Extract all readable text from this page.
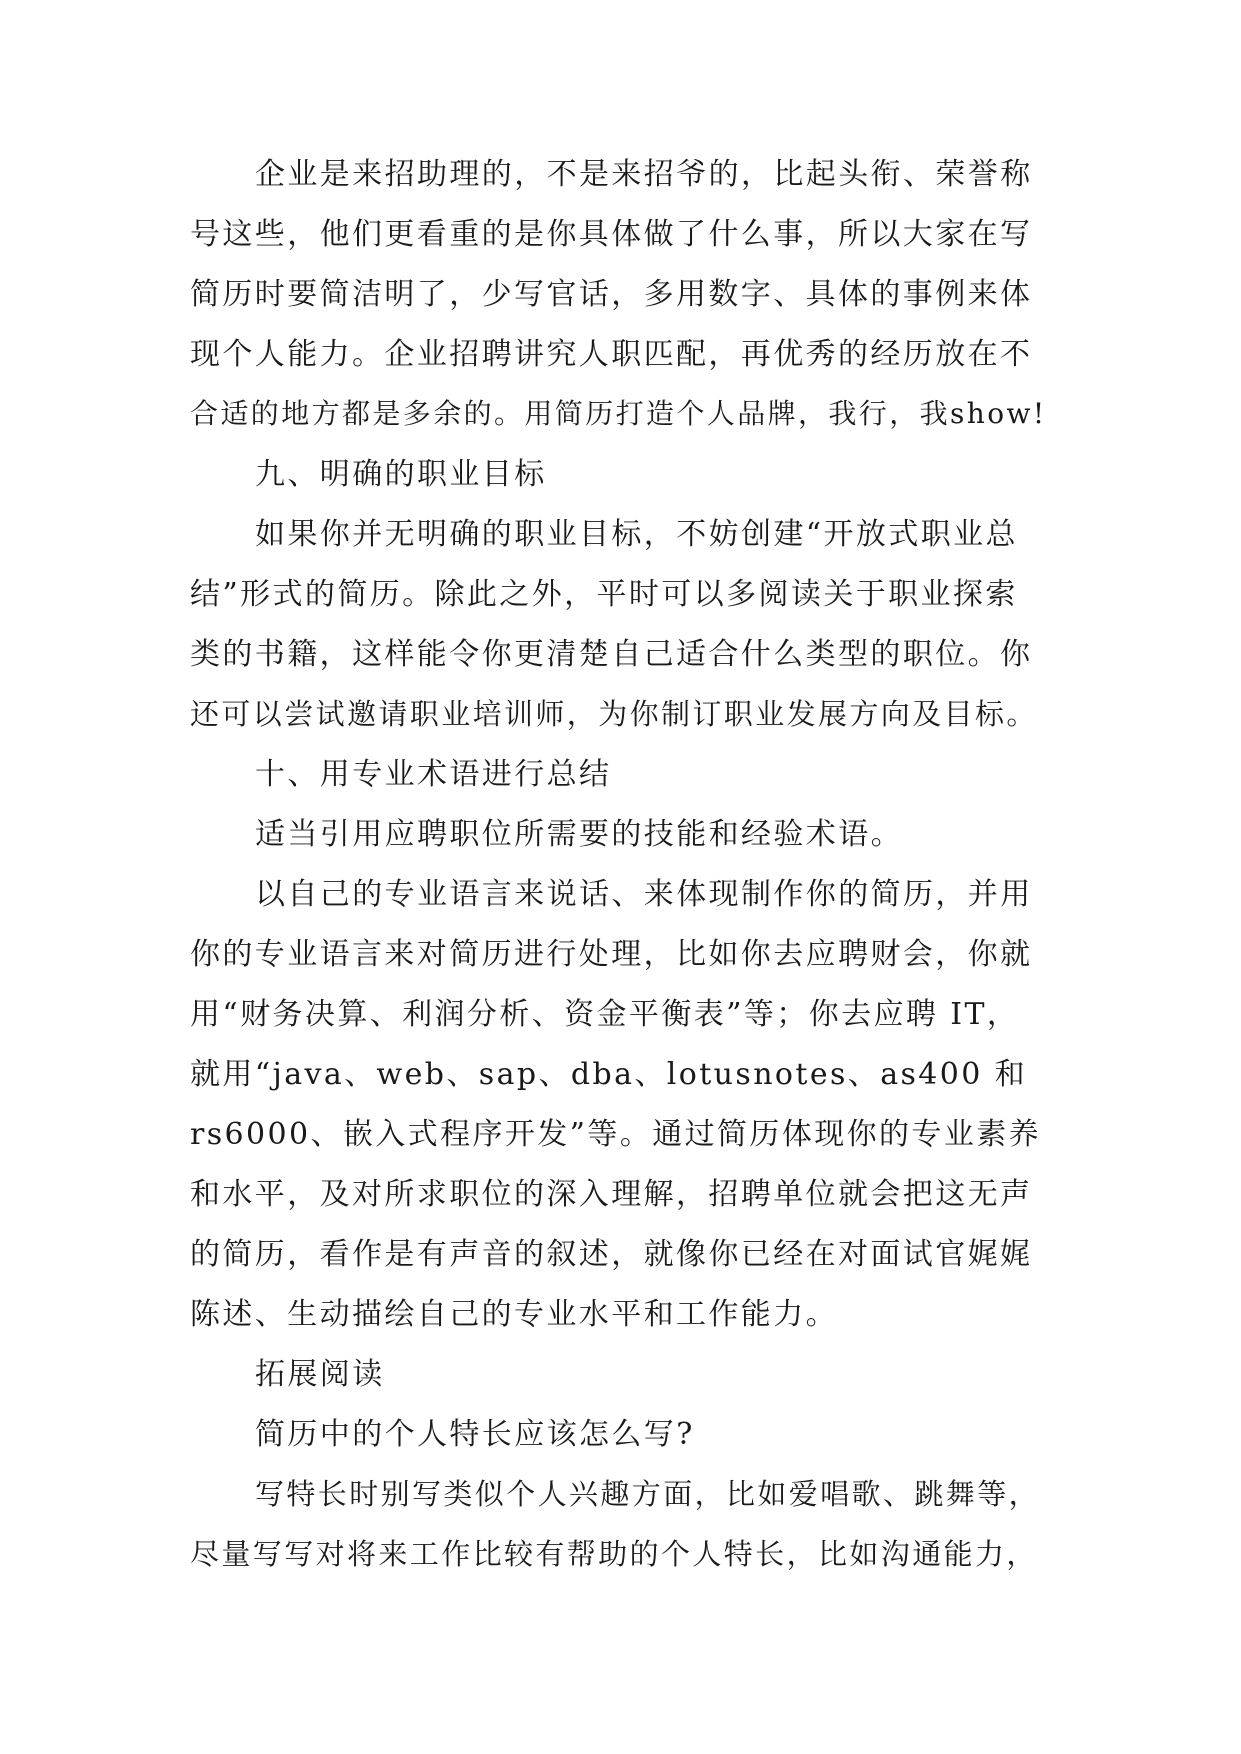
企业是来招助理的，不是来招爷的，比起头衔、荣誉称
号这些，他们更看重的是你具体做了什么事，所以大家在写
简历时要简洁明了，少写官话，多用数字、具体的事例来体
现个人能力。企业招聘讲究人职匹配，再优秀的经历放在不
合适的地方都是多余的。用简历打造个人品牌，我行，我show!
九、明确的职业目标
如果你并无明确的职业目标，不妨创建“开放式职业总
结”形式的简历。除此之外，平时可以多阅读关于职业探索
类的书籍，这样能令你更清楚自己适合什么类型的职位。你
还可以尝试邀请职业培训师，为你制订职业发展方向及目标。
十、用专业术语进行总结
适当引用应聘职位所需要的技能和经验术语。
以自己的专业语言来说话、来体现制作你的简历，并用
你的专业语言来对简历进行处理，比如你去应聘财会，你就
用“财务决算、利润分析、资金平衡表”等；你去应聘 IT，
就用“java、web、sap、dba、lotusnotes、as400 和
rs6000、嵌入式程序开发”等。通过简历体现你的专业素养
和水平，及对所求职位的深入理解，招聘单位就会把这无声
的简历，看作是有声音的叙述，就像你已经在对面试官娓娓
陈述、生动描绘自己的专业水平和工作能力。
拓展阅读
简历中的个人特长应该怎么写?
写特长时别写类似个人兴趣方面，比如爱唱歌、跳舞等，
尽量写写对将来工作比较有帮助的个人特长，比如沟通能力，
